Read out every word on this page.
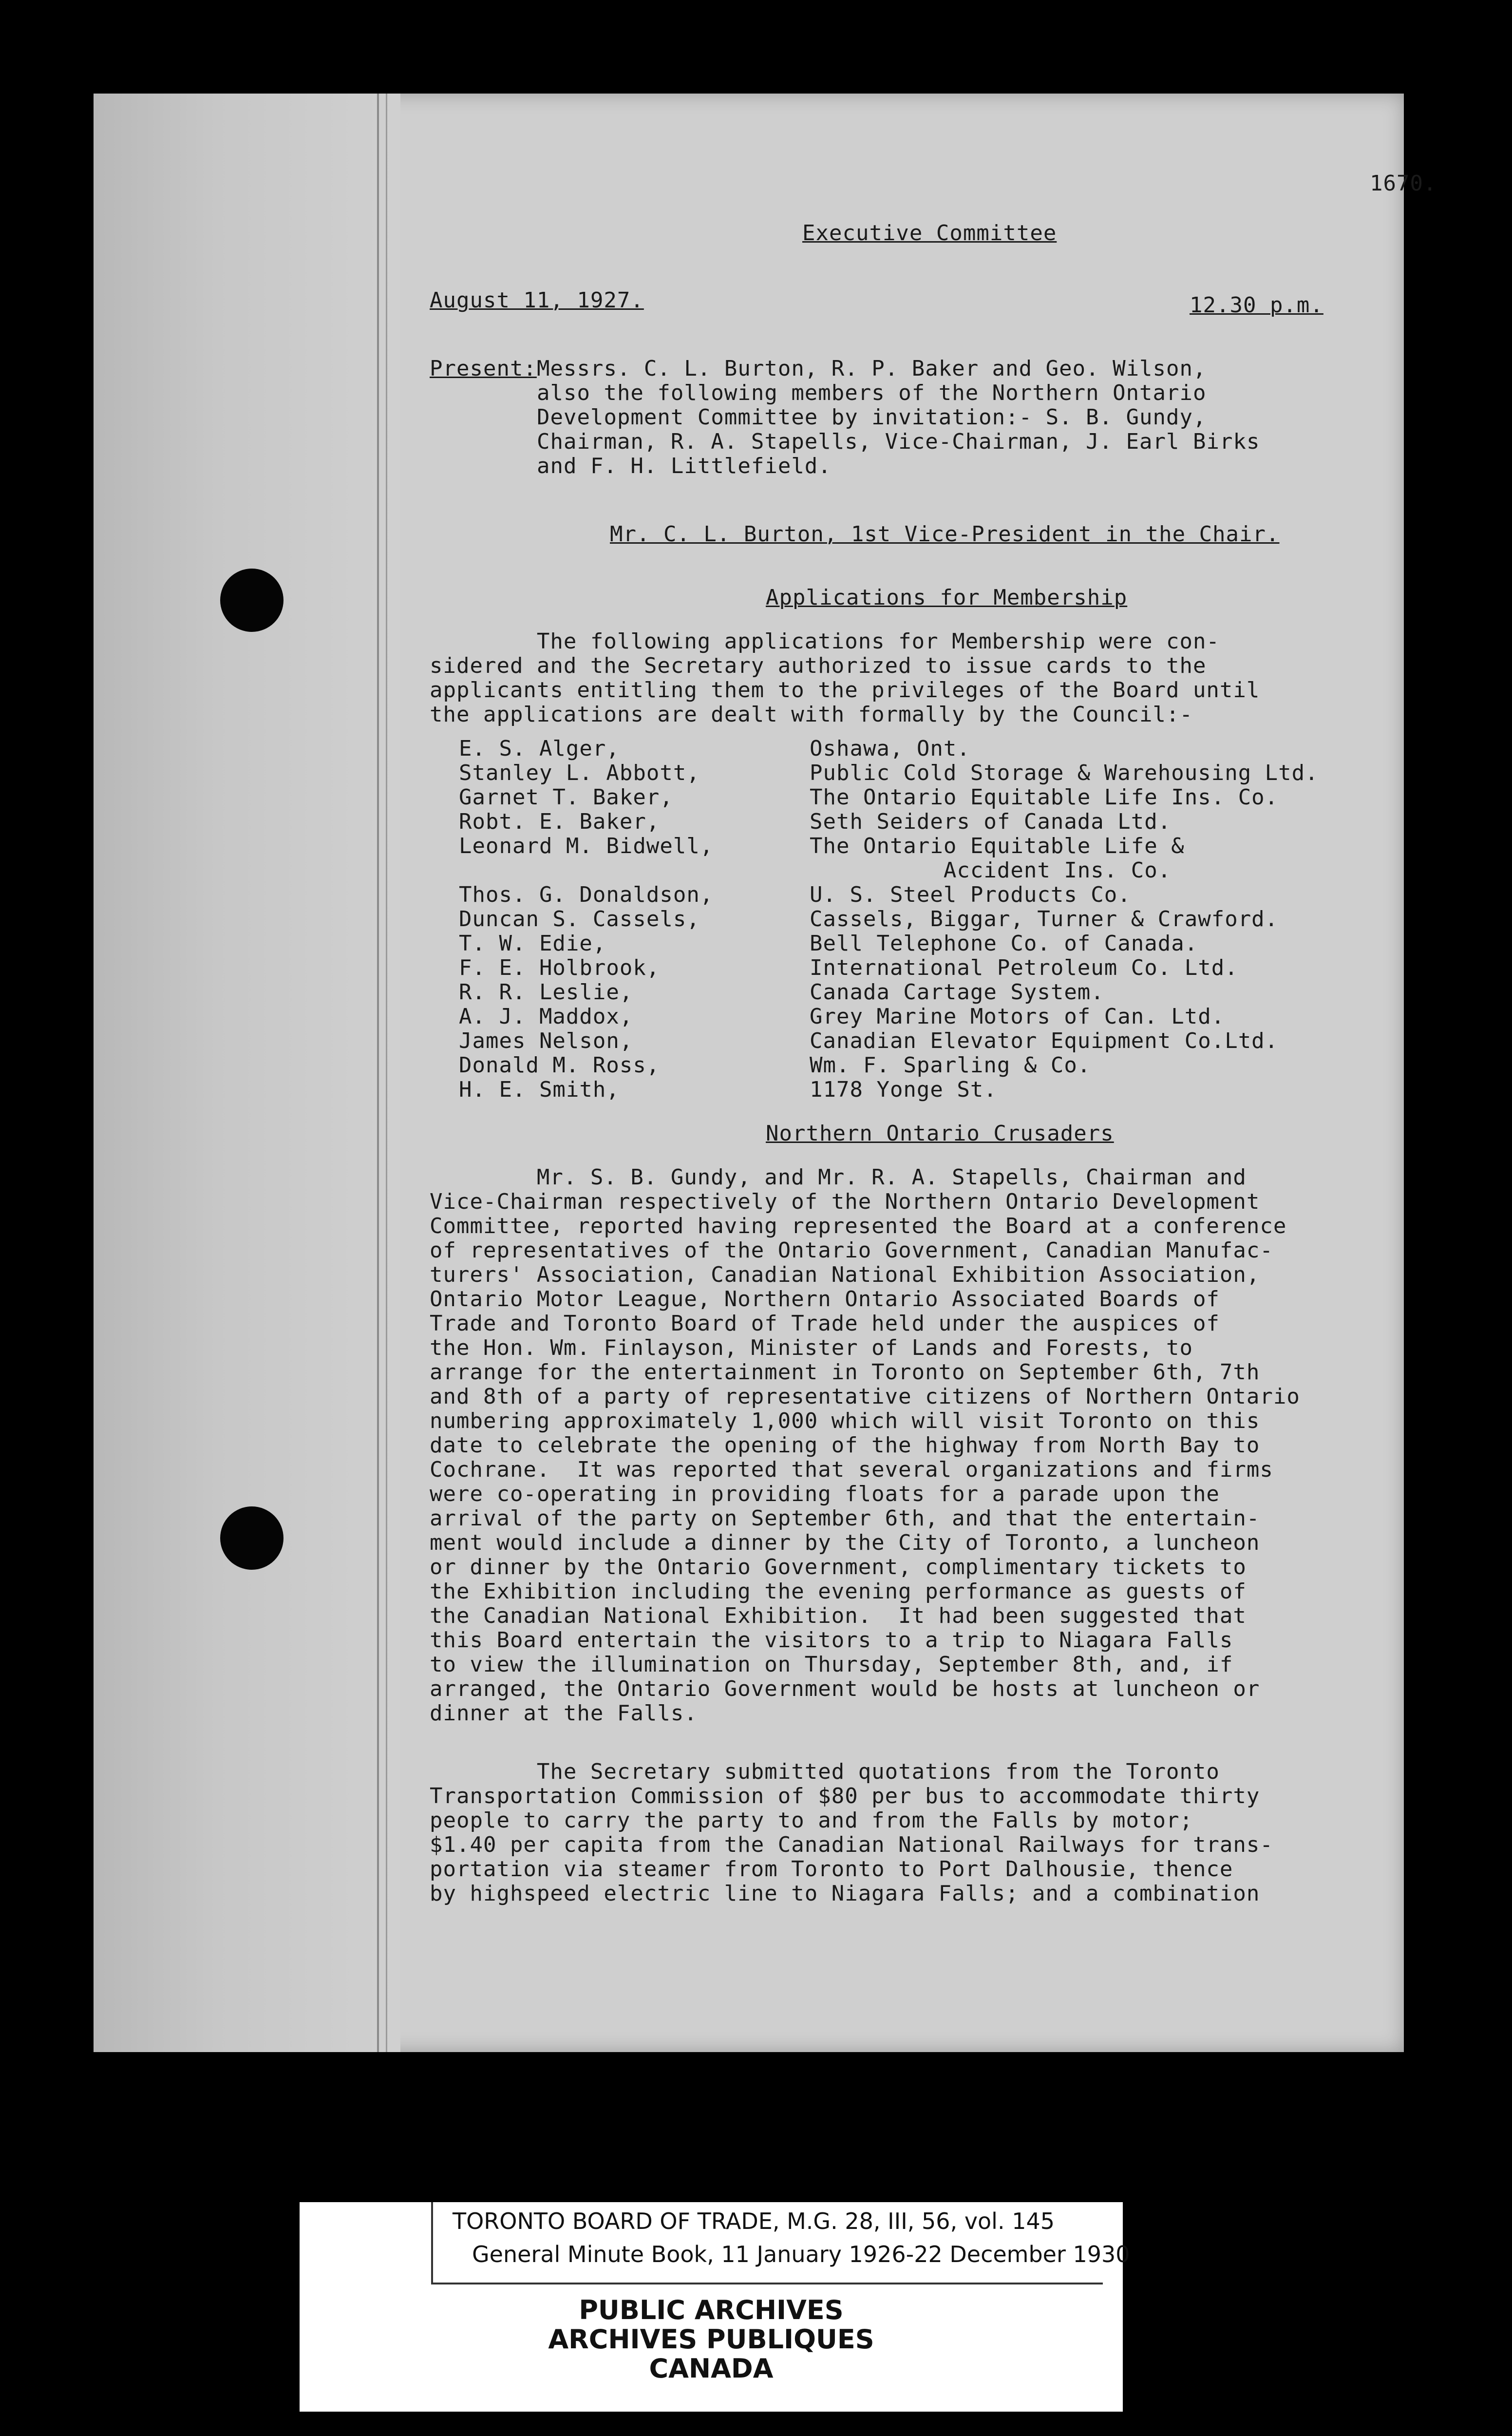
1670.
Executive Committee
August 11, 1927.	12.30 p.m.
Present: Messrs. C. L. Burton, R. P. Baker and Geo. Wilson,
also the following members of the Northern Ontario
Development Committee by invitation:- S. B. Gundy,
Chairman, R. A. Stapells, Vice-Chairman, J. Earl Birks
and F. H. Littlefield.
Mr. C. L. Burton, 1st Vice-President in the Chair.
Applications for Membership
The following applications for Membership were con-
sidered and the Secretary authorized to issue cards to the
applicants entitling them to the privileges of the Board until
the applications are dealt with formally by the Council:-
E. S. Alger,	Oshawa, Ont.
Stanley L. Abbott,	Public Cold Storage & Warehousing Ltd.
Garnet T. Baker,	The Ontario Equitable Life Ins. Co.
Robt. E. Baker,	Seth Seiders of Canada Ltd.
Leonard M. Bidwell,	The Ontario Equitable Life &
Accident Ins. Co.
Thos. G. Donaldson,	U. S. Steel Products Co.
Duncan S. Cassels,	Cassels, Biggar, Turner & Crawford.
T. W. Edie,	Bell Telephone Co. of Canada.
F. E. Holbrook,	International Petroleum Co. Ltd.
R. R. Leslie,	Canada Cartage System.
A. J. Maddox,	Grey Marine Motors of Can. Ltd.
James Nelson,	Canadian Elevator Equipment Co.Ltd.
Donald M. Ross,	Wm. F. Sparling & Co.
H. E. Smith,	1178 Yonge St.
Northern Ontario Crusaders
Mr. S. B. Gundy, and Mr. R. A. Stapells, Chairman and
Vice-Chairman respectively of the Northern Ontario Development
Committee, reported having represented the Board at a conference
of representatives of the Ontario Government, Canadian Manufac-
turers' Association, Canadian National Exhibition Association,
Ontario Motor League, Northern Ontario Associated Boards of
Trade and Toronto Board of Trade held under the auspices of
the Hon. Wm. Finlayson, Minister of Lands and Forests, to
arrange for the entertainment in Toronto on September 6th, 7th
and 8th of a party of representative citizens of Northern Ontario
numbering approximately 1,000 which will visit Toronto on this
date to celebrate the opening of the highway from North Bay to
Cochrane.  It was reported that several organizations and firms
were co-operating in providing floats for a parade upon the
arrival of the party on September 6th, and that the entertain-
ment would include a dinner by the City of Toronto, a luncheon
or dinner by the Ontario Government, complimentary tickets to
the Exhibition including the evening performance as guests of
the Canadian National Exhibition.  It had been suggested that
this Board entertain the visitors to a trip to Niagara Falls
to view the illumination on Thursday, September 8th, and, if
arranged, the Ontario Government would be hosts at luncheon or
dinner at the Falls.
The Secretary submitted quotations from the Toronto
Transportation Commission of $80 per bus to accommodate thirty
people to carry the party to and from the Falls by motor;
$1.40 per capita from the Canadian National Railways for trans-
portation via steamer from Toronto to Port Dalhousie, thence
by highspeed electric line to Niagara Falls; and a combination
TORONTO BOARD OF TRADE, M.G. 28, III, 56, vol. 145
General Minute Book, 11 January 1926-22 December 1930
PUBLIC ARCHIVES
ARCHIVES PUBLIQUES
CANADA
